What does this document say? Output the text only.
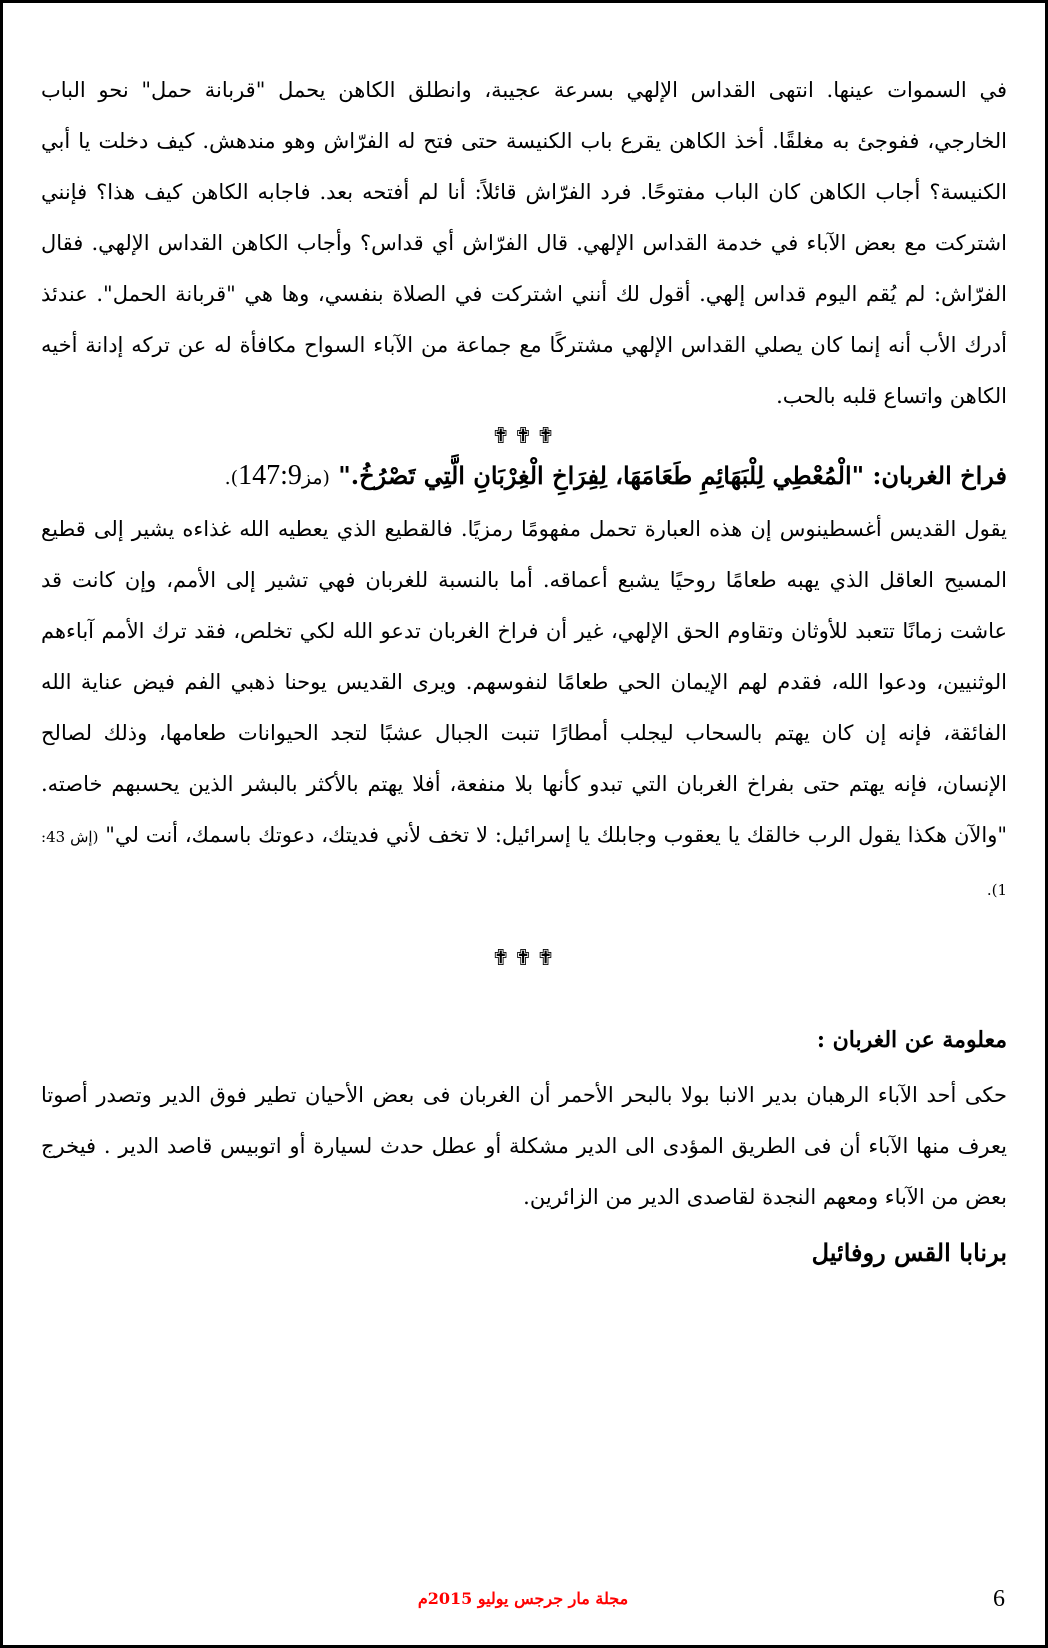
في السموات عينها. انتهى القداس الإلهي بسرعة عجيبة، وانطلق الكاهن يحمل "قربانة حمل" نحو الباب الخارجي، ففوجئ به مغلقًا. أخذ الكاهن يقرع باب الكنيسة حتى فتح له الفرّاش وهو مندهش. كيف دخلت يا أبي الكنيسة؟ أجاب الكاهن كان الباب مفتوحًا. فرد الفرّاش قائلاً: أنا لم أفتحه بعد. فاجابه الكاهن كيف هذا؟ فإنني اشتركت مع بعض الآباء في خدمة القداس الإلهي. قال الفرّاش أي قداس؟ وأجاب الكاهن القداس الإلهي. فقال الفرّاش: لم يُقم اليوم قداس إلهي. أقول لك أنني اشتركت في الصلاة بنفسي، وها هي "قربانة الحمل". عندئذ أدرك الأب أنه إنما كان يصلي القداس الإلهي مشتركًا مع جماعة من الآباء السواح مكافأة له عن تركه إدانة أخيه الكاهن واتساع قلبه بالحب.

✟✟✟

فراخ الغربان: "الْمُعْطِي لِلْبَهَائِمِ طَعَامَهَا، لِفِرَاخِ الْغِرْبَانِ الَّتِي تَصْرُخُ." (مز147:9).

يقول القديس أغسطينوس إن هذه العبارة تحمل مفهومًا رمزيًا. فالقطيع الذي يعطيه الله غذاءه يشير إلى قطيع المسيح العاقل الذي يهبه طعامًا روحيًا يشبع أعماقه. أما بالنسبة للغربان فهي تشير إلى الأمم، وإن كانت قد عاشت زمانًا تتعبد للأوثان وتقاوم الحق الإلهي، غير أن فراخ الغربان تدعو الله لكي تخلص، فقد ترك الأمم آباءهم الوثنيين، ودعوا الله، فقدم لهم الإيمان الحي طعامًا لنفوسهم. ويرى القديس يوحنا ذهبي الفم فيض عناية الله الفائقة، فإنه إن كان يهتم بالسحاب ليجلب أمطارًا تنبت الجبال عشبًا لتجد الحيوانات طعامها، وذلك لصالح الإنسان، فإنه يهتم حتى بفراخ الغربان التي تبدو كأنها بلا منفعة، أفلا يهتم بالأكثر بالبشر الذين يحسبهم خاصته. "والآن هكذا يقول الرب خالقك يا يعقوب وجابلك يا إسرائيل: لا تخف لأني فديتك، دعوتك باسمك، أنت لي" (إش 43: 1).

✟✟✟

معلومة عن الغربان :

حكى أحد الآباء الرهبان بدير الانبا بولا بالبحر الأحمر أن الغربان فى بعض الأحيان تطير فوق الدير وتصدر أصوتا يعرف منها الآباء أن فى الطريق المؤدى الى الدير مشكلة أو عطل حدث لسيارة أو اتوبيس قاصد الدير . فيخرج بعض من الآباء ومعهم النجدة لقاصدى الدير من الزائرين.

برنابا القس روفائيل

مجلة مار جرجس يوليو 2015م	6
